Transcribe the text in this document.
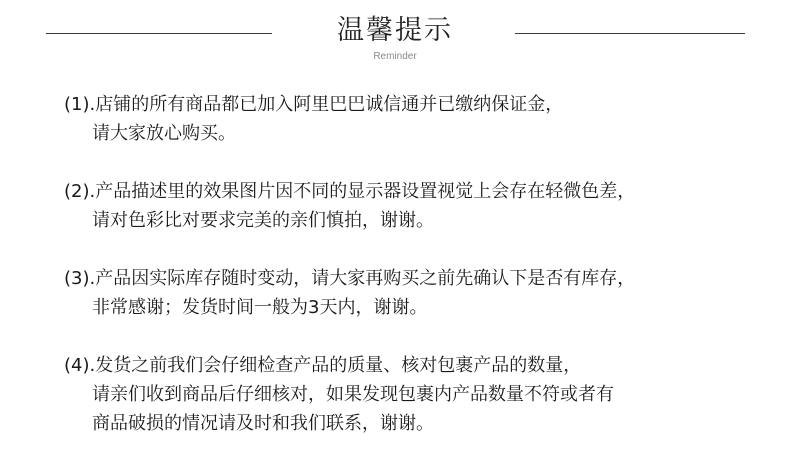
温馨提示
Reminder
(1).店铺的所有商品都已加入阿里巴巴诚信通并已缴纳保证金，
请大家放心购买。
(2).产品描述里的效果图片因不同的显示器设置视觉上会存在轻微色差，
请对色彩比对要求完美的亲们慎拍，谢谢。
(3).产品因实际库存随时变动，请大家再购买之前先确认下是否有库存，
非常感谢；发货时间一般为3天内，谢谢。
(4).发货之前我们会仔细检查产品的质量、核对包裹产品的数量，
请亲们收到商品后仔细核对，如果发现包裹内产品数量不符或者有
商品破损的情况请及时和我们联系，谢谢。
